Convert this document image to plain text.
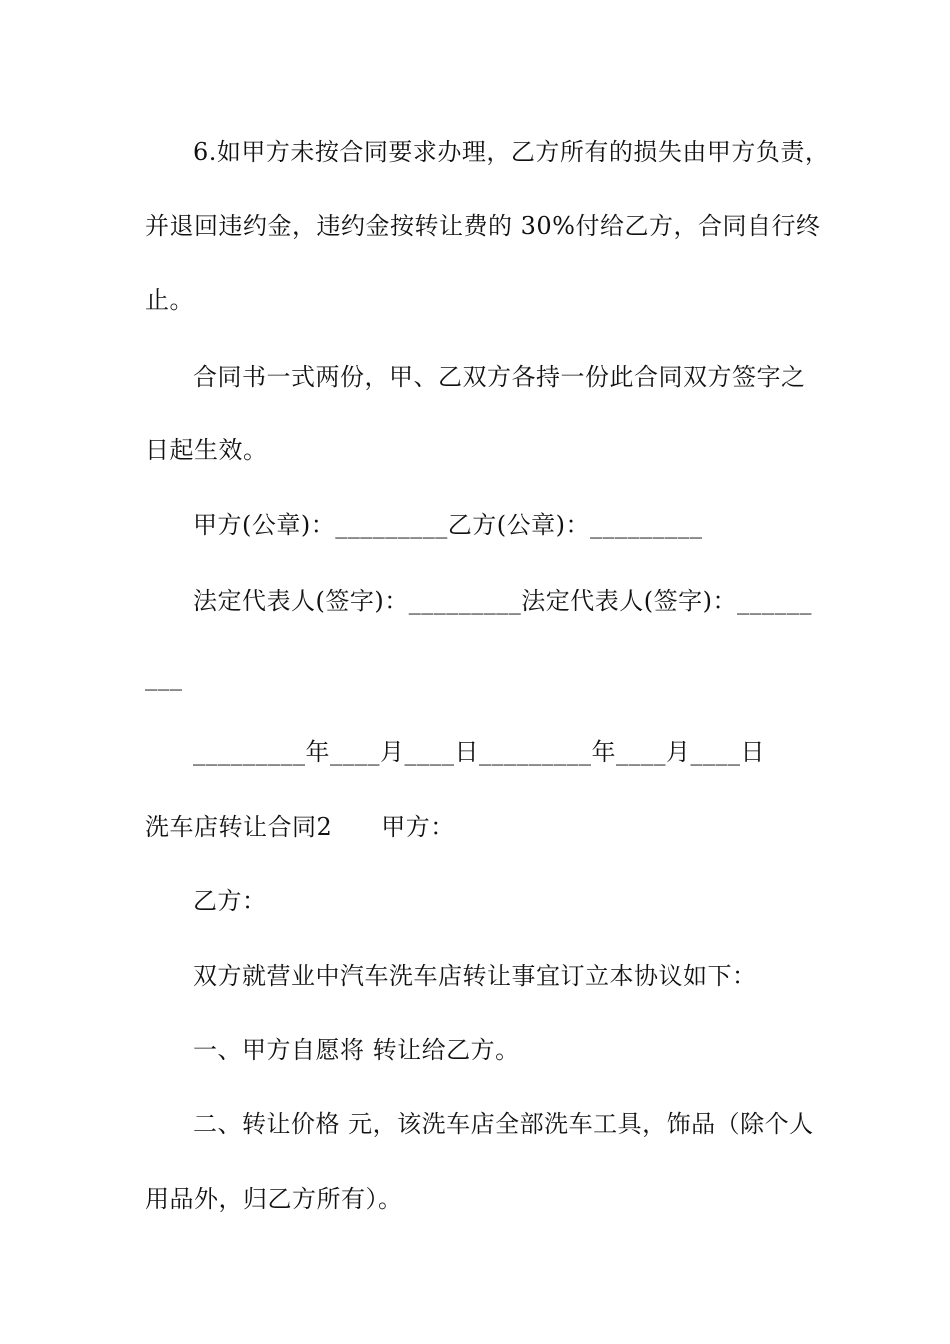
6.如甲方未按合同要求办理，乙方所有的损失由甲方负责，
并退回违约金，违约金按转让费的 30%付给乙方，合同自行终
止。
合同书一式两份，甲、乙双方各持一份此合同双方签字之
日起生效。
甲方(公章)：_________乙方(公章)：_________
法定代表人(签字)：_________法定代表人(签字)：______
___
_________年____月____日_________年____月____日
洗车店转让合同2　　甲方：
乙方：
双方就营业中汽车洗车店转让事宜订立本协议如下：
一、甲方自愿将 转让给乙方。
二、转让价格 元，该洗车店全部洗车工具，饰品（除个人
用品外，归乙方所有）。
